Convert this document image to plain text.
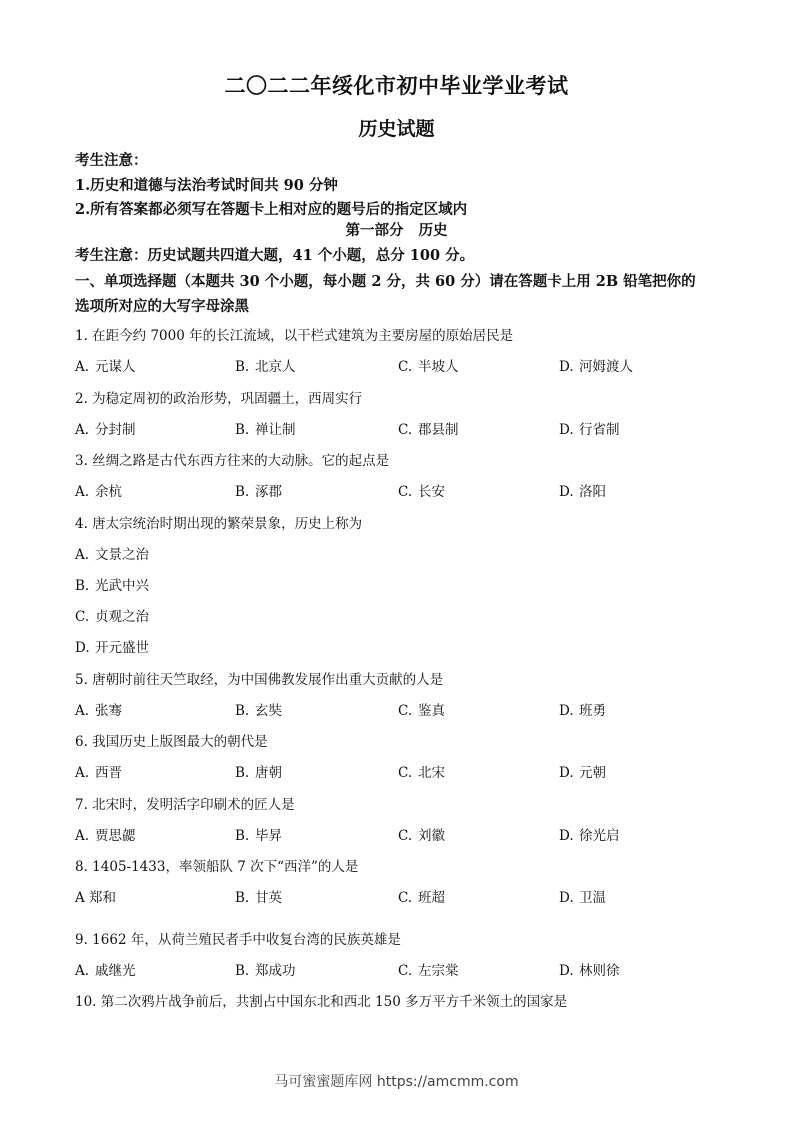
二〇二二年绥化市初中毕业学业考试
历史试题
考生注意：
1.历史和道德与法治考试时间共 90 分钟
2.所有答案都必须写在答题卡上相对应的题号后的指定区域内
第一部分 历史
考生注意：历史试题共四道大题，41 个小题，总分 100 分。
一、单项选择题（本题共 30 个小题，每小题 2 分，共 60 分）请在答题卡上用 2B 铅笔把你的
选项所对应的大写字母涂黑
1. 在距今约 7000 年的长江流域，以干栏式建筑为主要房屋的原始居民是
A. 元谋人	B. 北京人	C. 半坡人	D. 河姆渡人
2. 为稳定周初的政治形势，巩固疆土，西周实行
A. 分封制	B. 禅让制	C. 郡县制	D. 行省制
3. 丝绸之路是古代东西方往来的大动脉。它的起点是
A. 余杭	B. 涿郡	C. 长安	D. 洛阳
4. 唐太宗统治时期出现的繁荣景象，历史上称为
A. 文景之治
B. 光武中兴
C. 贞观之治
D. 开元盛世
5. 唐朝时前往天竺取经，为中国佛教发展作出重大贡献的人是
A. 张骞	B. 玄奘	C. 鉴真	D. 班勇
6. 我国历史上版图最大的朝代是
A. 西晋	B. 唐朝	C. 北宋	D. 元朝
7. 北宋时，发明活字印刷术的匠人是
A. 贾思勰	B. 毕昇	C. 刘徽	D. 徐光启
8. 1405-1433，率领船队 7 次下“西洋”的人是
A 郑和	B. 甘英	C. 班超	D. 卫温
9. 1662 年，从荷兰殖民者手中收复台湾的民族英雄是
A. 戚继光	B. 郑成功	C. 左宗棠	D. 林则徐
10. 第二次鸦片战争前后，共割占中国东北和西北 150 多万平方千米领土的国家是
马可蜜蜜题库网 https://amcmm.com
